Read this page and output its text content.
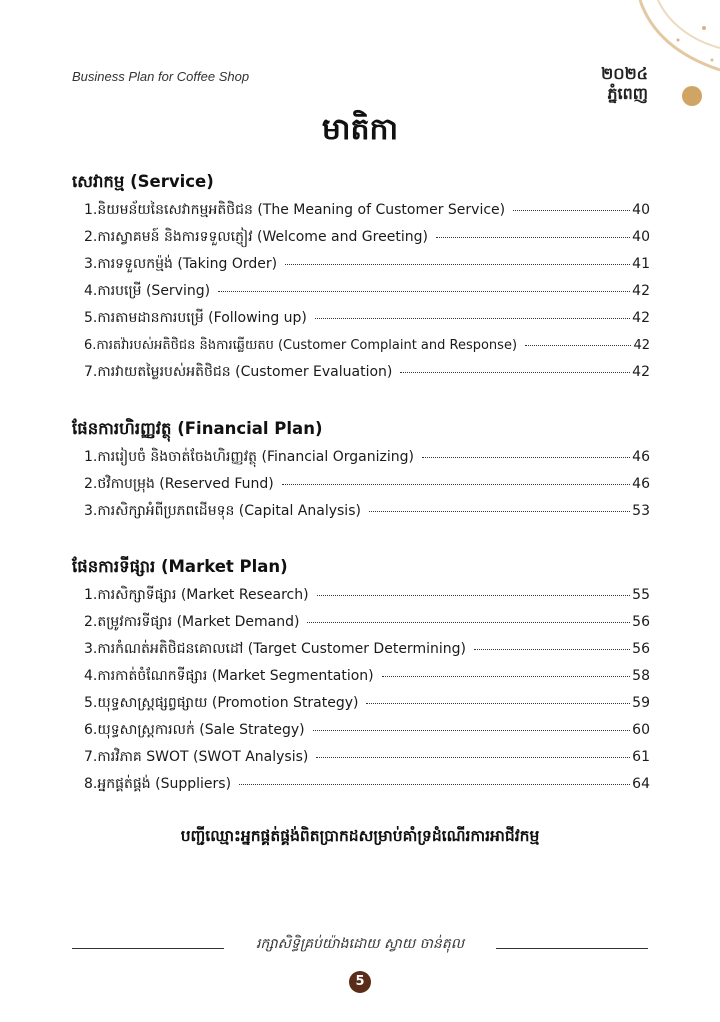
Business Plan for Coffee Shop	២០២៤
ភ្នំពេញ
មាតិកា
សេវាកម្ម (Service)
1. និយមន័យនៃសេវាកម្មអតិថិជន (The Meaning of Customer Service)	40
2. ការស្វាគមន៍ និងការទទួលភ្ញៀវ (Welcome and Greeting)	40
3. ការទទួលកម្ម៉ង់ (Taking Order)	41
4. ការបម្រើ (Serving)	42
5. ការតាមដានការបម្រើ (Following up)	42
6. ការតវ៉ារបស់អតិថិជន និងការឆ្លើយតប (Customer Complaint and Response)	42
7. ការវាយតម្លៃរបស់អតិថិជន (Customer Evaluation)	42
ផែនការហិរញ្ញវត្ថុ (Financial Plan)
1. ការរៀបចំ និងចាត់ចែងហិរញ្ញវត្ថុ (Financial Organizing)	46
2. ថវិកាបម្រុង (Reserved Fund)	46
3. ការសិក្សាអំពីប្រភពដើមទុន (Capital Analysis)	53
ផែនការទីផ្សារ (Market Plan)
1. ការសិក្សាទីផ្សារ (Market Research)	55
2. តម្រូវការទីផ្សារ (Market Demand)	56
3. ការកំណត់អតិថិជនគោលដៅ (Target Customer Determining)	56
4. ការកាត់ចំណែកទីផ្សារ (Market Segmentation)	58
5. យុទ្ធសាស្ត្រផ្សព្វផ្សាយ (Promotion Strategy)	59
6. យុទ្ធសាស្ត្រការលក់ (Sale Strategy)	60
7. ការវិភាគ SWOT (SWOT Analysis)	61
8. អ្នកផ្គត់ផ្គង់ (Suppliers)	64
បញ្ជីឈ្មោះអ្នកផ្គត់ផ្គង់ពិតប្រាកដសម្រាប់គាំទ្រដំណើរការអាជីវកម្ម
រក្សាសិទ្ធិគ្រប់យ៉ាងដោយ ស្វាយ ចាន់តុល
5
